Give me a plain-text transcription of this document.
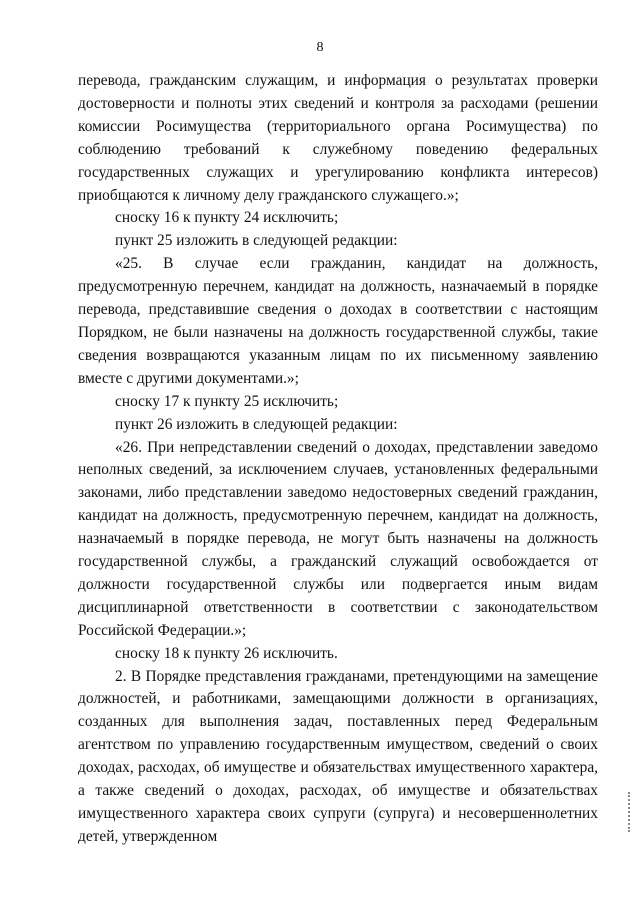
8

перевода, гражданским служащим, и информация о результатах проверки достоверности и полноты этих сведений и контроля за расходами (решении комиссии Росимущества (территориального органа Росимущества) по соблюдению требований к служебному поведению федеральных государственных служащих и урегулированию конфликта интересов) приобщаются к личному делу гражданского служащего.»;

сноску 16 к пункту 24 исключить;

пункт 25 изложить в следующей редакции:

«25. В случае если гражданин, кандидат на должность, предусмотренную перечнем, кандидат на должность, назначаемый в порядке перевода, представившие сведения о доходах в соответствии с настоящим Порядком, не были назначены на должность государственной службы, такие сведения возвращаются указанным лицам по их письменному заявлению вместе с другими документами.»;

сноску 17 к пункту 25 исключить;

пункт 26 изложить в следующей редакции:

«26. При непредставлении сведений о доходах, представлении заведомо неполных сведений, за исключением случаев, установленных федеральными законами, либо представлении заведомо недостоверных сведений гражданин, кандидат на должность, предусмотренную перечнем, кандидат на должность, назначаемый в порядке перевода, не могут быть назначены на должность государственной службы, а гражданский служащий освобождается от должности государственной службы или подвергается иным видам дисциплинарной ответственности в соответствии с законодательством Российской Федерации.»;

сноску 18 к пункту 26 исключить.

2. В Порядке представления гражданами, претендующими на замещение должностей, и работниками, замещающими должности в организациях, созданных для выполнения задач, поставленных перед Федеральным агентством по управлению государственным имуществом, сведений о своих доходах, расходах, об имуществе и обязательствах имущественного характера, а также сведений о доходах, расходах, об имуществе и обязательствах имущественного характера своих супруги (супруга) и несовершеннолетних детей, утвержденном
